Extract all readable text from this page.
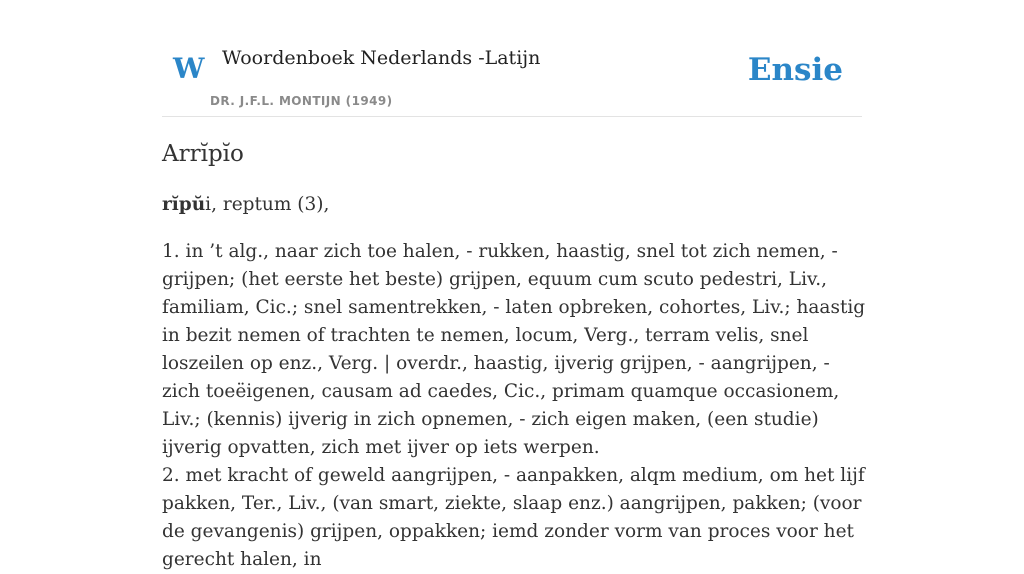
W Woordenboek Nederlands -Latijn
DR. J.F.L. MONTIJN (1949)
Ensie
Arrĭpĭo

rĭpŭi, reptum (3),

1. in ’t alg., naar zich toe halen, - rukken, haastig, snel tot zich nemen, - grijpen; (het eerste het beste) grijpen, equum cum scuto pedestri, Liv., familiam, Cic.; snel samentrekken, - laten opbreken, cohortes, Liv.; haastig in bezit nemen of trachten te nemen, locum, Verg., terram velis, snel loszeilen op enz., Verg. | overdr., haastig, ijverig grijpen, - aangrijpen, - zich toeëigenen, causam ad caedes, Cic., primam quamque occasionem, Liv.; (kennis) ijverig in zich opnemen, - zich eigen maken, (een studie) ijverig opvatten, zich met ijver op iets werpen.

2. met kracht of geweld aangrijpen, - aanpakken, alqm medium, om het lijf pakken, Ter., Liv., (van smart, ziekte, slaap enz.) aangrijpen, pakken; (voor de gevangenis) grijpen, oppakken; iemd zonder vorm van proces voor het gerecht halen, in
